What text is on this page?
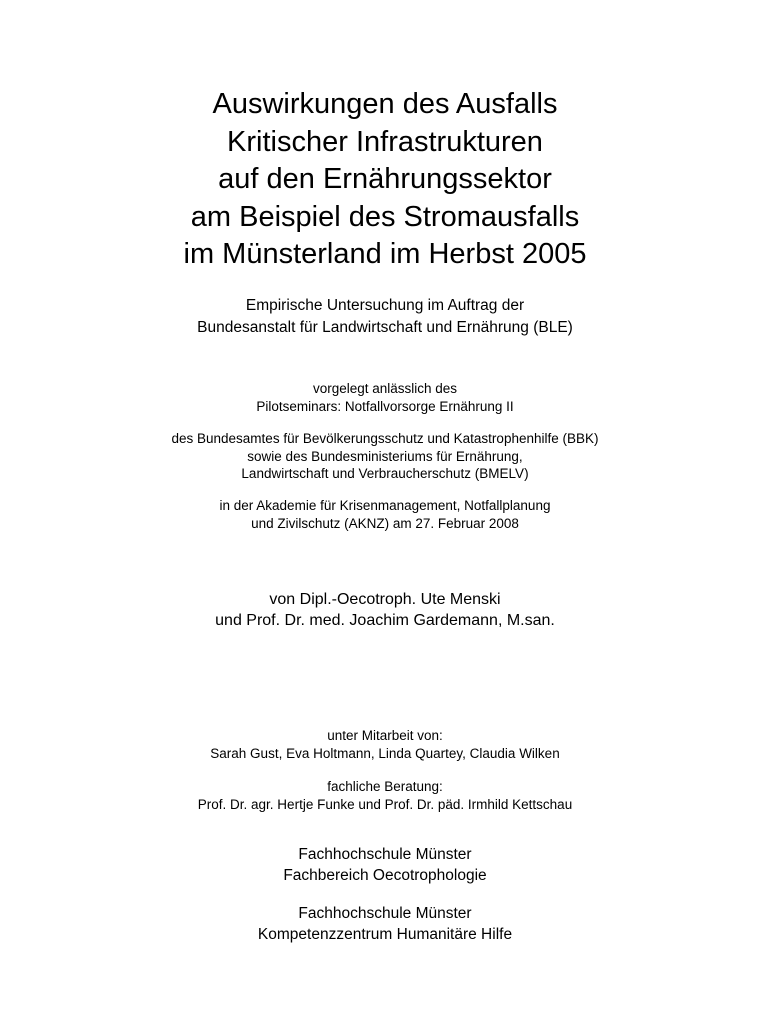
Auswirkungen des Ausfalls
Kritischer Infrastrukturen
auf den Ernährungssektor
am Beispiel des Stromausfalls
im Münsterland im Herbst 2005
Empirische Untersuchung im Auftrag der
Bundesanstalt für Landwirtschaft und Ernährung (BLE)
vorgelegt anlässlich des
Pilotseminars: Notfallvorsorge Ernährung II
des Bundesamtes für Bevölkerungsschutz und Katastrophenhilfe (BBK)
sowie des Bundesministeriums für Ernährung,
Landwirtschaft und Verbraucherschutz (BMELV)
in der Akademie für Krisenmanagement, Notfallplanung
und Zivilschutz (AKNZ) am 27. Februar 2008
von Dipl.-Oecotroph. Ute Menski
und Prof. Dr. med. Joachim Gardemann, M.san.
unter Mitarbeit von:
Sarah Gust, Eva Holtmann, Linda Quartey, Claudia Wilken
fachliche Beratung:
Prof. Dr. agr. Hertje Funke und Prof. Dr. päd. Irmhild Kettschau
Fachhochschule Münster
Fachbereich Oecotrophologie
Fachhochschule Münster
Kompetenzzentrum Humanitäre Hilfe
